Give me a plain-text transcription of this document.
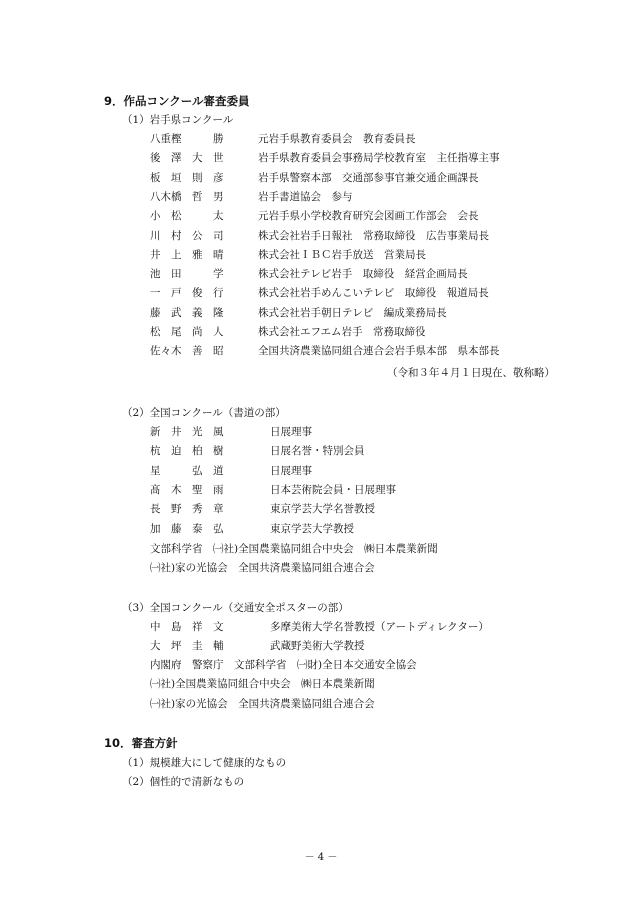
9．作品コンクール審査委員
（1）岩手県コンクール
八重樫　　　勝	元岩手県教育委員会　教育委員長
後　澤　大　世	岩手県教育委員会事務局学校教育室　主任指導主事
板　垣　則　彦	岩手県警察本部　交通部参事官兼交通企画課長
八木橋　哲　男	岩手書道協会　参与
小　松　　　太	元岩手県小学校教育研究会図画工作部会　会長
川　村　公　司	株式会社岩手日報社　常務取締役　広告事業局長
井　上　雅　晴	株式会社ＩＢＣ岩手放送　営業局長
池　田　　　学	株式会社テレビ岩手　取締役　経営企画局長
一　戸　俊　行	株式会社岩手めんこいテレビ　取締役　報道局長
藤　武　義　隆	株式会社岩手朝日テレビ　編成業務局長
松　尾　尚　人	株式会社エフエム岩手　常務取締役
佐々木　善　昭	全国共済農業協同組合連合会岩手県本部　県本部長
（令和３年４月１日現在、敬称略）
（2）全国コンクール（書道の部）
新　井　光　風	日展理事
杭　迫　柏　樹	日展名誉・特別会員
星　　　弘　道	日展理事
髙　木　聖　雨	日本芸術院会員・日展理事
長　野　秀　章	東京学芸大学名誉教授
加　藤　泰　弘	東京学芸大学教授
文部科学省　㈠社)全国農業協同組合中央会　㈱日本農業新聞
㈠社)家の光協会　全国共済農業協同組合連合会
（3）全国コンクール（交通安全ポスターの部）
中　島　祥　文	多摩美術大学名誉教授（アートディレクター）
大　坪　圭　輔	武蔵野美術大学教授
内閣府　警察庁　文部科学省　㈠財)全日本交通安全協会
㈠社)全国農業協同組合中央会　㈱日本農業新聞
㈠社)家の光協会　全国共済農業協同組合連合会
10．審査方針
（1）規模雄大にして健康的なもの
（2）個性的で清新なもの
－ 4 －
